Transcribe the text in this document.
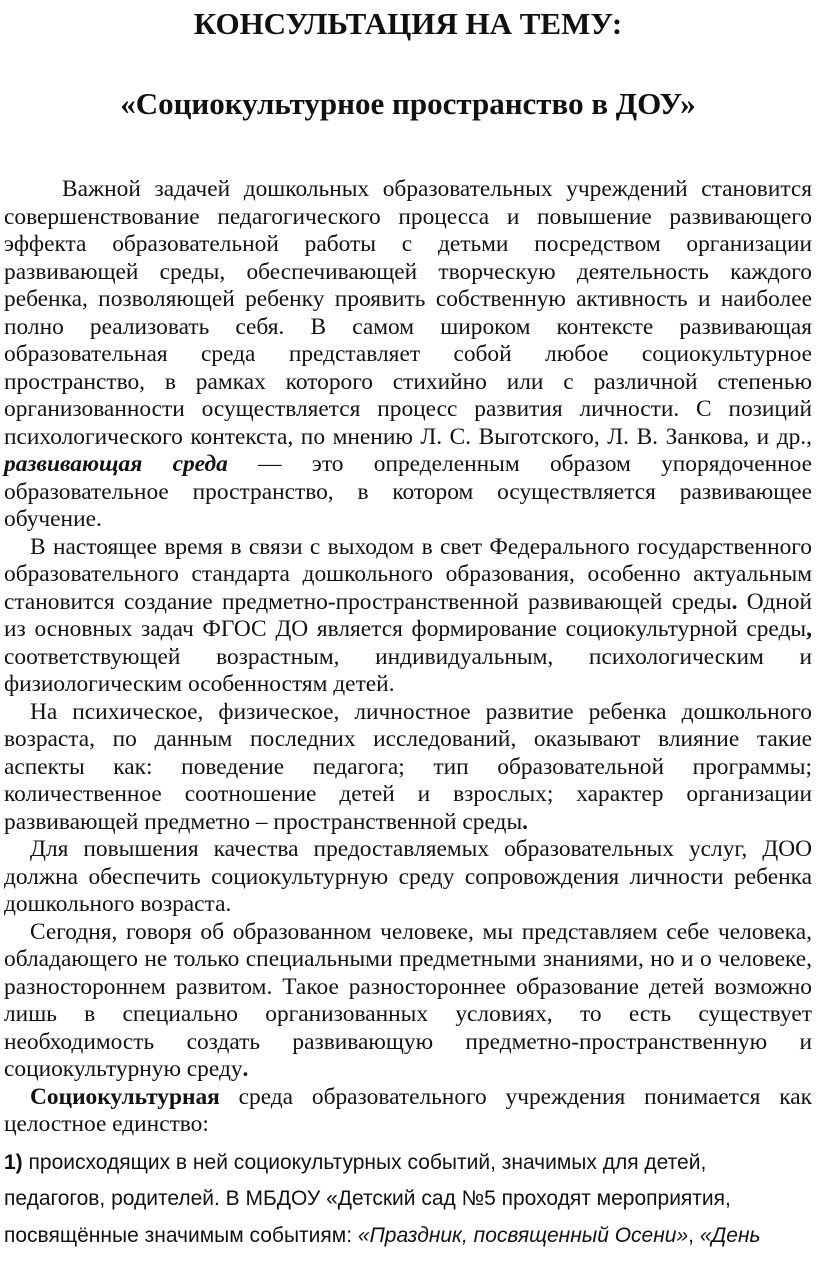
КОНСУЛЬТАЦИЯ НА ТЕМУ:
«Социокультурное пространство в ДОУ»

Важной задачей дошкольных образовательных учреждений становится совершенствование педагогического процесса и повышение развивающего эффекта образовательной работы с детьми посредством организации развивающей среды, обеспечивающей творческую деятельность каждого ребенка, позволяющей ребенку проявить собственную активность и наиболее полно реализовать себя. В самом широком контексте развивающая образовательная среда представляет собой любое социокультурное пространство, в рамках которого стихийно или с различной степенью организованности осуществляется процесс развития личности. С позиций психологического контекста, по мнению Л. С. Выготского, Л. В. Занкова, и др., развивающая среда — это определенным образом упорядоченное образовательное пространство, в котором осуществляется развивающее обучение.

В настоящее время в связи с выходом в свет Федерального государственного образовательного стандарта дошкольного образования, особенно актуальным становится создание предметно-пространственной развивающей среды. Одной из основных задач ФГОС ДО является формирование социокультурной среды, соответствующей возрастным, индивидуальным, психологическим и физиологическим особенностям детей.

На психическое, физическое, личностное развитие ребенка дошкольного возраста, по данным последних исследований, оказывают влияние такие аспекты как: поведение педагога; тип образовательной программы; количественное соотношение детей и взрослых; характер организации развивающей предметно – пространственной среды.

Для повышения качества предоставляемых образовательных услуг, ДОО должна обеспечить социокультурную среду сопровождения личности ребенка дошкольного возраста.

Сегодня, говоря об образованном человеке, мы представляем себе человека, обладающего не только специальными предметными знаниями, но и о человеке, разностороннем развитом. Такое разностороннее образование детей возможно лишь в специально организованных условиях, то есть существует необходимость создать развивающую предметно-пространственную и социокультурную среду.

Социокультурная среда образовательного учреждения понимается как целостное единство:

1) происходящих в ней социокультурных событий, значимых для детей, педагогов, родителей. В МБДОУ «Детский сад №5 проходят мероприятия, посвящённые значимым событиям: «Праздник, посвященный Осени», «День
